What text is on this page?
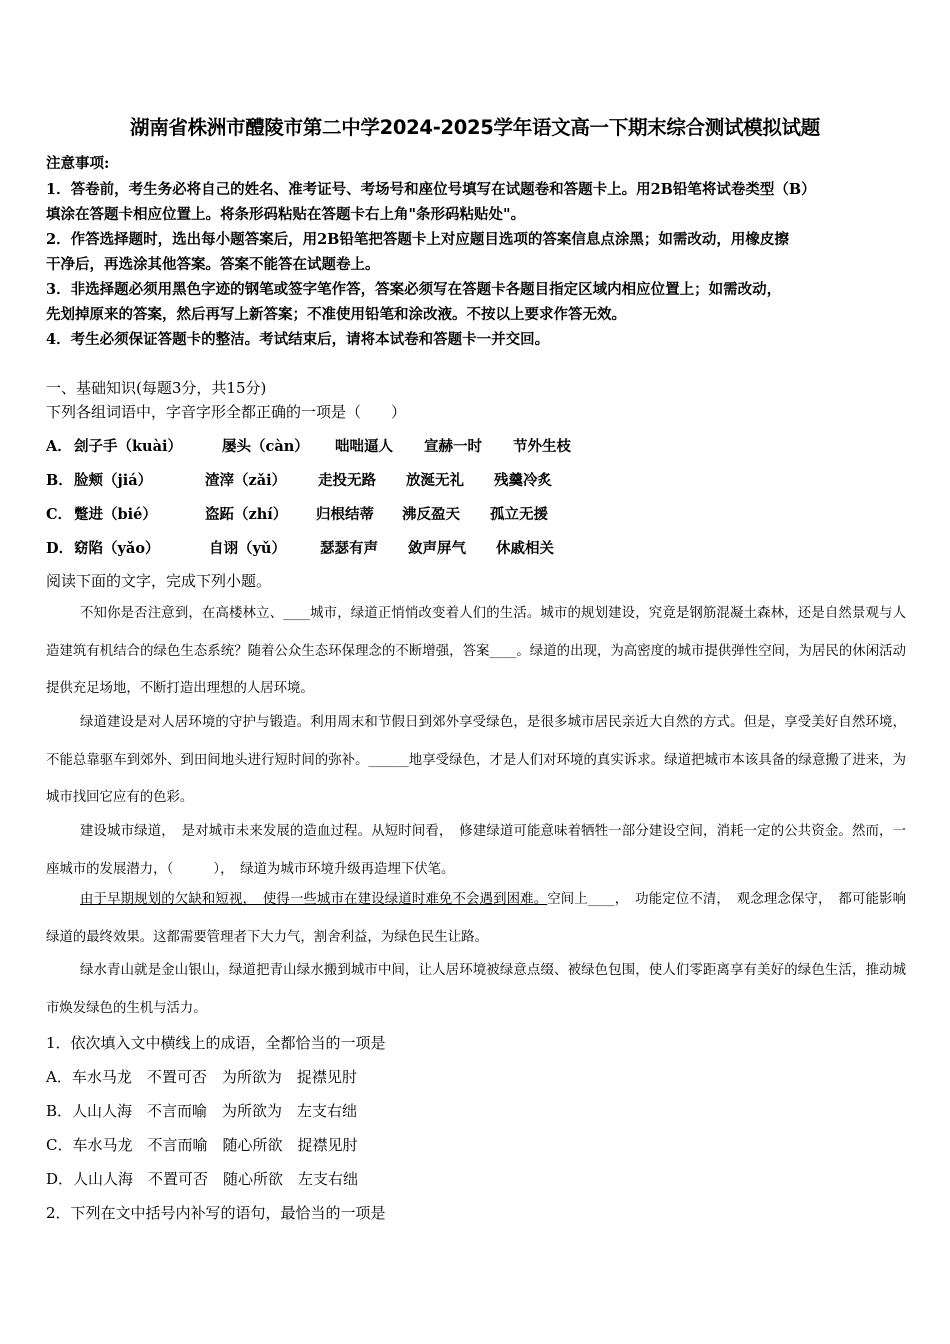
湖南省株洲市醴陵市第二中学2024-2025学年语文高一下期末综合测试模拟试题
注意事项:
1．答卷前，考生务必将自己的姓名、准考证号、考场号和座位号填写在试题卷和答题卡上。用2B铅笔将试卷类型（B）
填涂在答题卡相应位置上。将条形码粘贴在答题卡右上角"条形码粘贴处"。
2．作答选择题时，选出每小题答案后，用2B铅笔把答题卡上对应题目选项的答案信息点涂黑；如需改动，用橡皮擦
干净后，再选涂其他答案。答案不能答在试题卷上。
3．非选择题必须用黑色字迹的钢笔或签字笔作答，答案必须写在答题卡各题目指定区域内相应位置上；如需改动，
先划掉原来的答案，然后再写上新答案；不准使用铅笔和涂改液。不按以上要求作答无效。
4．考生必须保证答题卡的整洁。考试结束后，请将本试卷和答题卡一并交回。
一、基础知识(每题3分，共15分)
下列各组词语中，字音字形全都正确的一项是（　　）
A． 刽子手（kuài）	屡头（càn） 咄咄逼人 宣赫一时 节外生枝
B．脸颊（jiá）	渣滓（zǎi） 走投无路 放涎无礼 残羹冷炙
C． 蹩进（bié）	盗跖（zhí） 归根结蒂 沸反盈天 孤立无援
D．窈陷（yǎo）	自诩（yǔ） 瑟瑟有声 敛声屏气 休戚相关
阅读下面的文字，完成下列小题。
不知你是否注意到，在高楼林立、____城市，绿道正悄悄改变着人们的生活。城市的规划建设，究竟是钢筋混凝土森林，还是自然景观与人造建筑有机结合的绿色生态系统？随着公众生态环保理念的不断增强，答案____。绿道的出现，为高密度的城市提供弹性空间，为居民的休闲活动提供充足场地，不断打造出理想的人居环境。
绿道建设是对人居环境的守护与锻造。利用周末和节假日到郊外享受绿色，是很多城市居民亲近大自然的方式。但是，享受美好自然环境，不能总靠驱车到郊外、到田间地头进行短时间的弥补。______地享受绿色，才是人们对环境的真实诉求。绿道把城市本该具备的绿意搬了进来，为城市找回它应有的色彩。
建设城市绿道，　是对城市未来发展的造血过程。从短时间看，　修建绿道可能意味着牺牲一部分建设空间，消耗一定的公共资金。然而，一座城市的发展潜力，（　　　），　绿道为城市环境升级再造埋下伏笔。
由于早期规划的欠缺和短视，　使得一些城市在建设绿道时难免不会遇到困难。空间上____，　功能定位不清，　观念理念保守，　都可能影响绿道的最终效果。这都需要管理者下大力气，割舍利益，为绿色民生让路。
绿水青山就是金山银山，绿道把青山绿水搬到城市中间，让人居环境被绿意点缀、被绿色包围，使人们零距离享有美好的绿色生活，推动城市焕发绿色的生机与活力。
1．依次填入文中横线上的成语，全都恰当的一项是
A．车水马龙　不置可否　为所欲为　捉襟见肘
B．人山人海　不言而喻　为所欲为　左支右绌
C．车水马龙　不言而喻　随心所欲　捉襟见肘
D．人山人海　不置可否　随心所欲　左支右绌
2．下列在文中括号内补写的语句，最恰当的一项是
